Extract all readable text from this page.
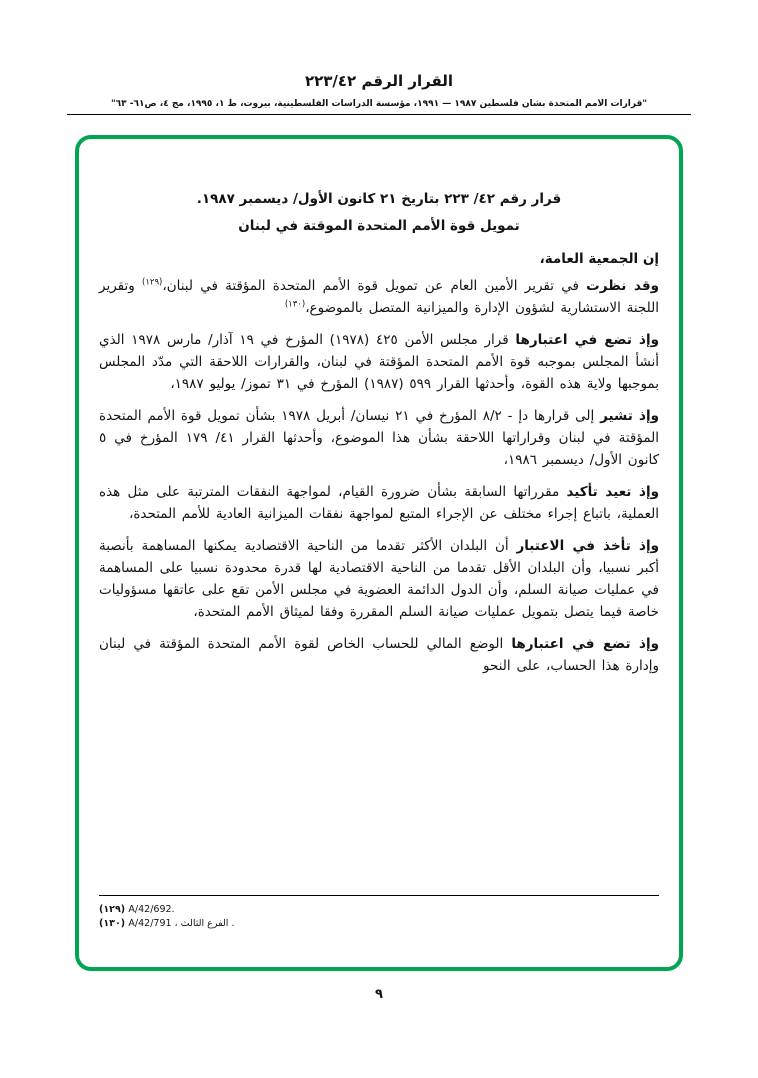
القرار الرقم ٢٢٣/٤٢
"قرارات الأمم المتحدة بشأن فلسطين ١٩٨٧ — ١٩٩١، مؤسسة الدراسات الفلسطينية، بيروت، ط ١، ١٩٩٥، مج ٤، ص٦١- ٦٣"
قرار رقم ٤٢/ ٢٢٣ بتاريخ ٢١ كانون الأول/ ديسمبر ١٩٨٧.
تمويل قوة الأمم المتحدة الموقتة في لبنان
إن الجمعية العامة،

وقد نظرت في تقرير الأمين العام عن تمويل قوة الأمم المتحدة المؤقتة في لبنان،$^{(١٢٩)}$ وتقرير اللجنة الاستشارية لشؤون الإدارة والميزانية المتصل بالموضوع،$^{(١٣٠)}$

وإذ تضع في اعتبارها قرار مجلس الأمن ٤٢٥ (١٩٧٨) المؤرخ في ١٩ آذار/ مارس ١٩٧٨ الذي أنشأ المجلس بموجبه قوة الأمم المتحدة المؤقتة في لبنان، والقرارات اللاحقة التي مدّد المجلس بموجبها ولاية هذه القوة، وأحدثها القرار ٥٩٩ (١٩٨٧) المؤرخ في ٣١ تموز/ يوليو ١٩٨٧،

وإذ تشير إلى قرارها دإ - ٨/٢ المؤرخ في ٢١ نيسان/ أبريل ١٩٧٨ بشأن تمويل قوة الأمم المتحدة المؤقتة في لبنان وقراراتها اللاحقة بشأن هذا الموضوع، وأحدثها القرار ٤١/ ١٧٩ المؤرخ في ٥ كانون الأول/ ديسمبر ١٩٨٦،

وإذ تعيد تأكيد مقرراتها السابقة بشأن ضرورة القيام، لمواجهة النفقات المترتبة على مثل هذه العملية، باتباع إجراء مختلف عن الإجراء المتبع لمواجهة نفقات الميزانية العادية للأمم المتحدة،

وإذ تأخذ في الاعتبار أن البلدان الأكثر تقدما من الناحية الاقتصادية يمكنها المساهمة بأنصبة أكبر نسبيا، وأن البلدان الأقل تقدما من الناحية الاقتصادية لها قدرة محدودة نسبيا على المساهمة في عمليات صيانة السلم، وأن الدول الدائمة العضوية في مجلس الأمن تقع على عاتقها مسؤوليات خاصة فيما يتصل بتمويل عمليات صيانة السلم المقررة وفقا لميثاق الأمم المتحدة،

وإذ تضع في اعتبارها الوضع المالي للحساب الخاص لقوة الأمم المتحدة المؤقتة في لبنان وإدارة هذا الحساب، على النحو

(١٢٩) A/42/692.
(١٣٠) A/42/791 ، الفرع الثالث .
٩
